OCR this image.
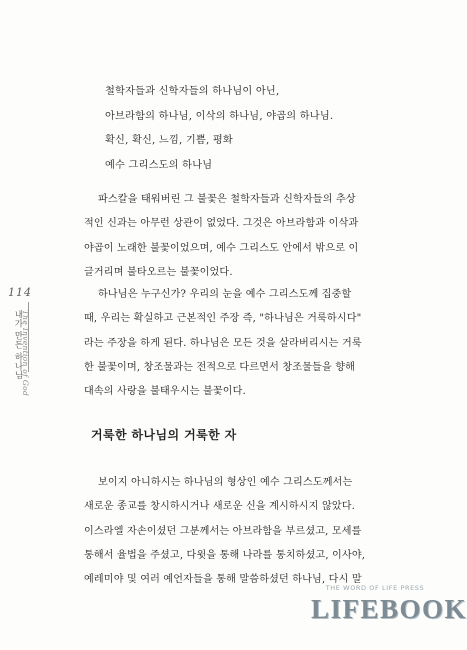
114
내가 만든 하나님
The Invention of God
철학자들과 신학자들의 하나님이 아닌,
아브라함의 하나님, 이삭의 하나님, 야곱의 하나님.
확신, 확신, 느낌, 기쁨, 평화
예수 그리스도의 하나님
파스칼을 태워버린 그 불꽃은 철학자들과 신학자들의 추상
적인 신과는 아무런 상관이 없었다. 그것은 아브라함과 이삭과
야곱이 노래한 불꽃이었으며, 예수 그리스도 안에서 밖으로 이
글거리며 불타오르는 불꽃이었다.
하나님은 누구신가? 우리의 눈을 예수 그리스도께 집중할
때, 우리는 확실하고 근본적인 주장 즉, "하나님은 거룩하시다"
라는 주장을 하게 된다. 하나님은 모든 것을 살라버리시는 거룩
한 불꽃이며, 창조물과는 전적으로 다르면서 창조물들을 향해
대속의 사랑을 불태우시는 불꽃이다.
거룩한 하나님의 거룩한 자
보이지 아니하시는 하나님의 형상인 예수 그리스도께서는
새로운 종교를 창시하시거나 새로운 신을 계시하시지 않았다.
이스라엘 자손이셨던 그분께서는 아브라함을 부르셨고, 모세를
통해서 율법을 주셨고, 다윗을 통해 나라를 통치하셨고, 이사야,
예레미야 및 여러 예언자들을 통해 말씀하셨던 하나님, 다시 말
THE WORD OF LIFE PRESS
LIFEBOOK
